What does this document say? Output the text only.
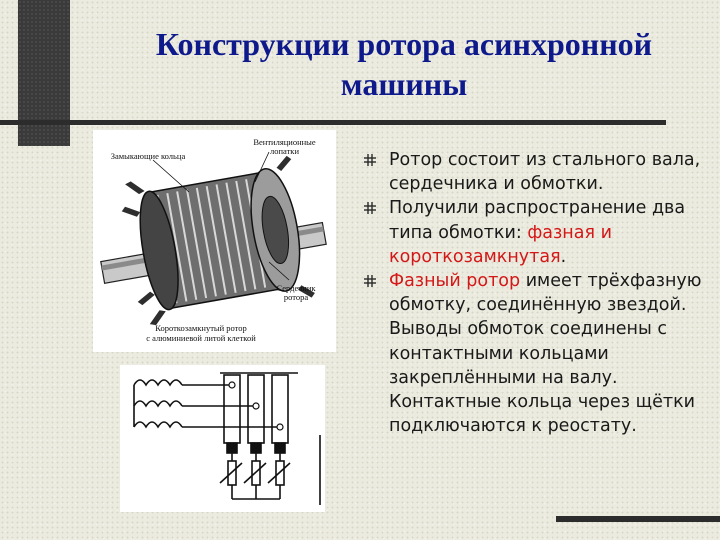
Конструкции ротора асинхронной
машины
Замыкающие кольца
Вентиляционные
лопатки
Сердечник
ротора
Короткозамкнутый ротор
с алюминиевой литой клеткой
Ротор состоит из стального вала, сердечника и обмотки.
Получили распространение два типа обмотки: фазная и короткозамкнутая.
Фазный ротор имеет трёхфазную обмотку, соединённую звездой. Выводы обмоток соединены с контактными кольцами закреплёнными на валу. Контактные кольца через щётки подключаются к реостату.
